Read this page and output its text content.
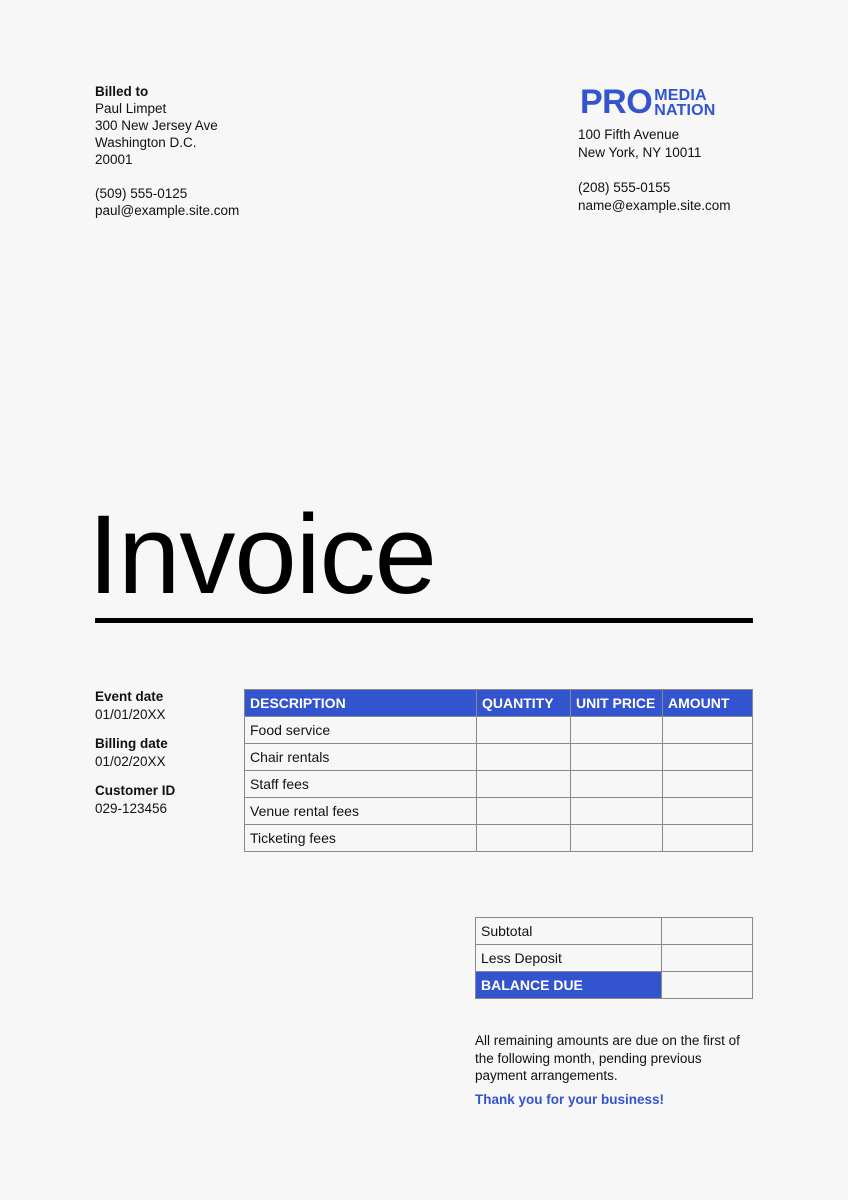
Billed to
Paul Limpet
300 New Jersey Ave
Washington D.C.
20001
(509) 555-0125
paul@example.site.com
PRO MEDIA
NATION
100 Fifth Avenue
New York, NY 10011
(208) 555-0155
name@example.site.com
Invoice
Event date
01/01/20XX
Billing date
01/02/20XX
Customer ID
029-123456
DESCRIPTION	QUANTITY	UNIT PRICE	AMOUNT
Food service			
Chair rentals			
Staff fees			
Venue rental fees			
Ticketing fees			
Subtotal	
Less Deposit	
BALANCE DUE	
All remaining amounts are due on the first of the following month, pending previous payment arrangements.
Thank you for your business!
